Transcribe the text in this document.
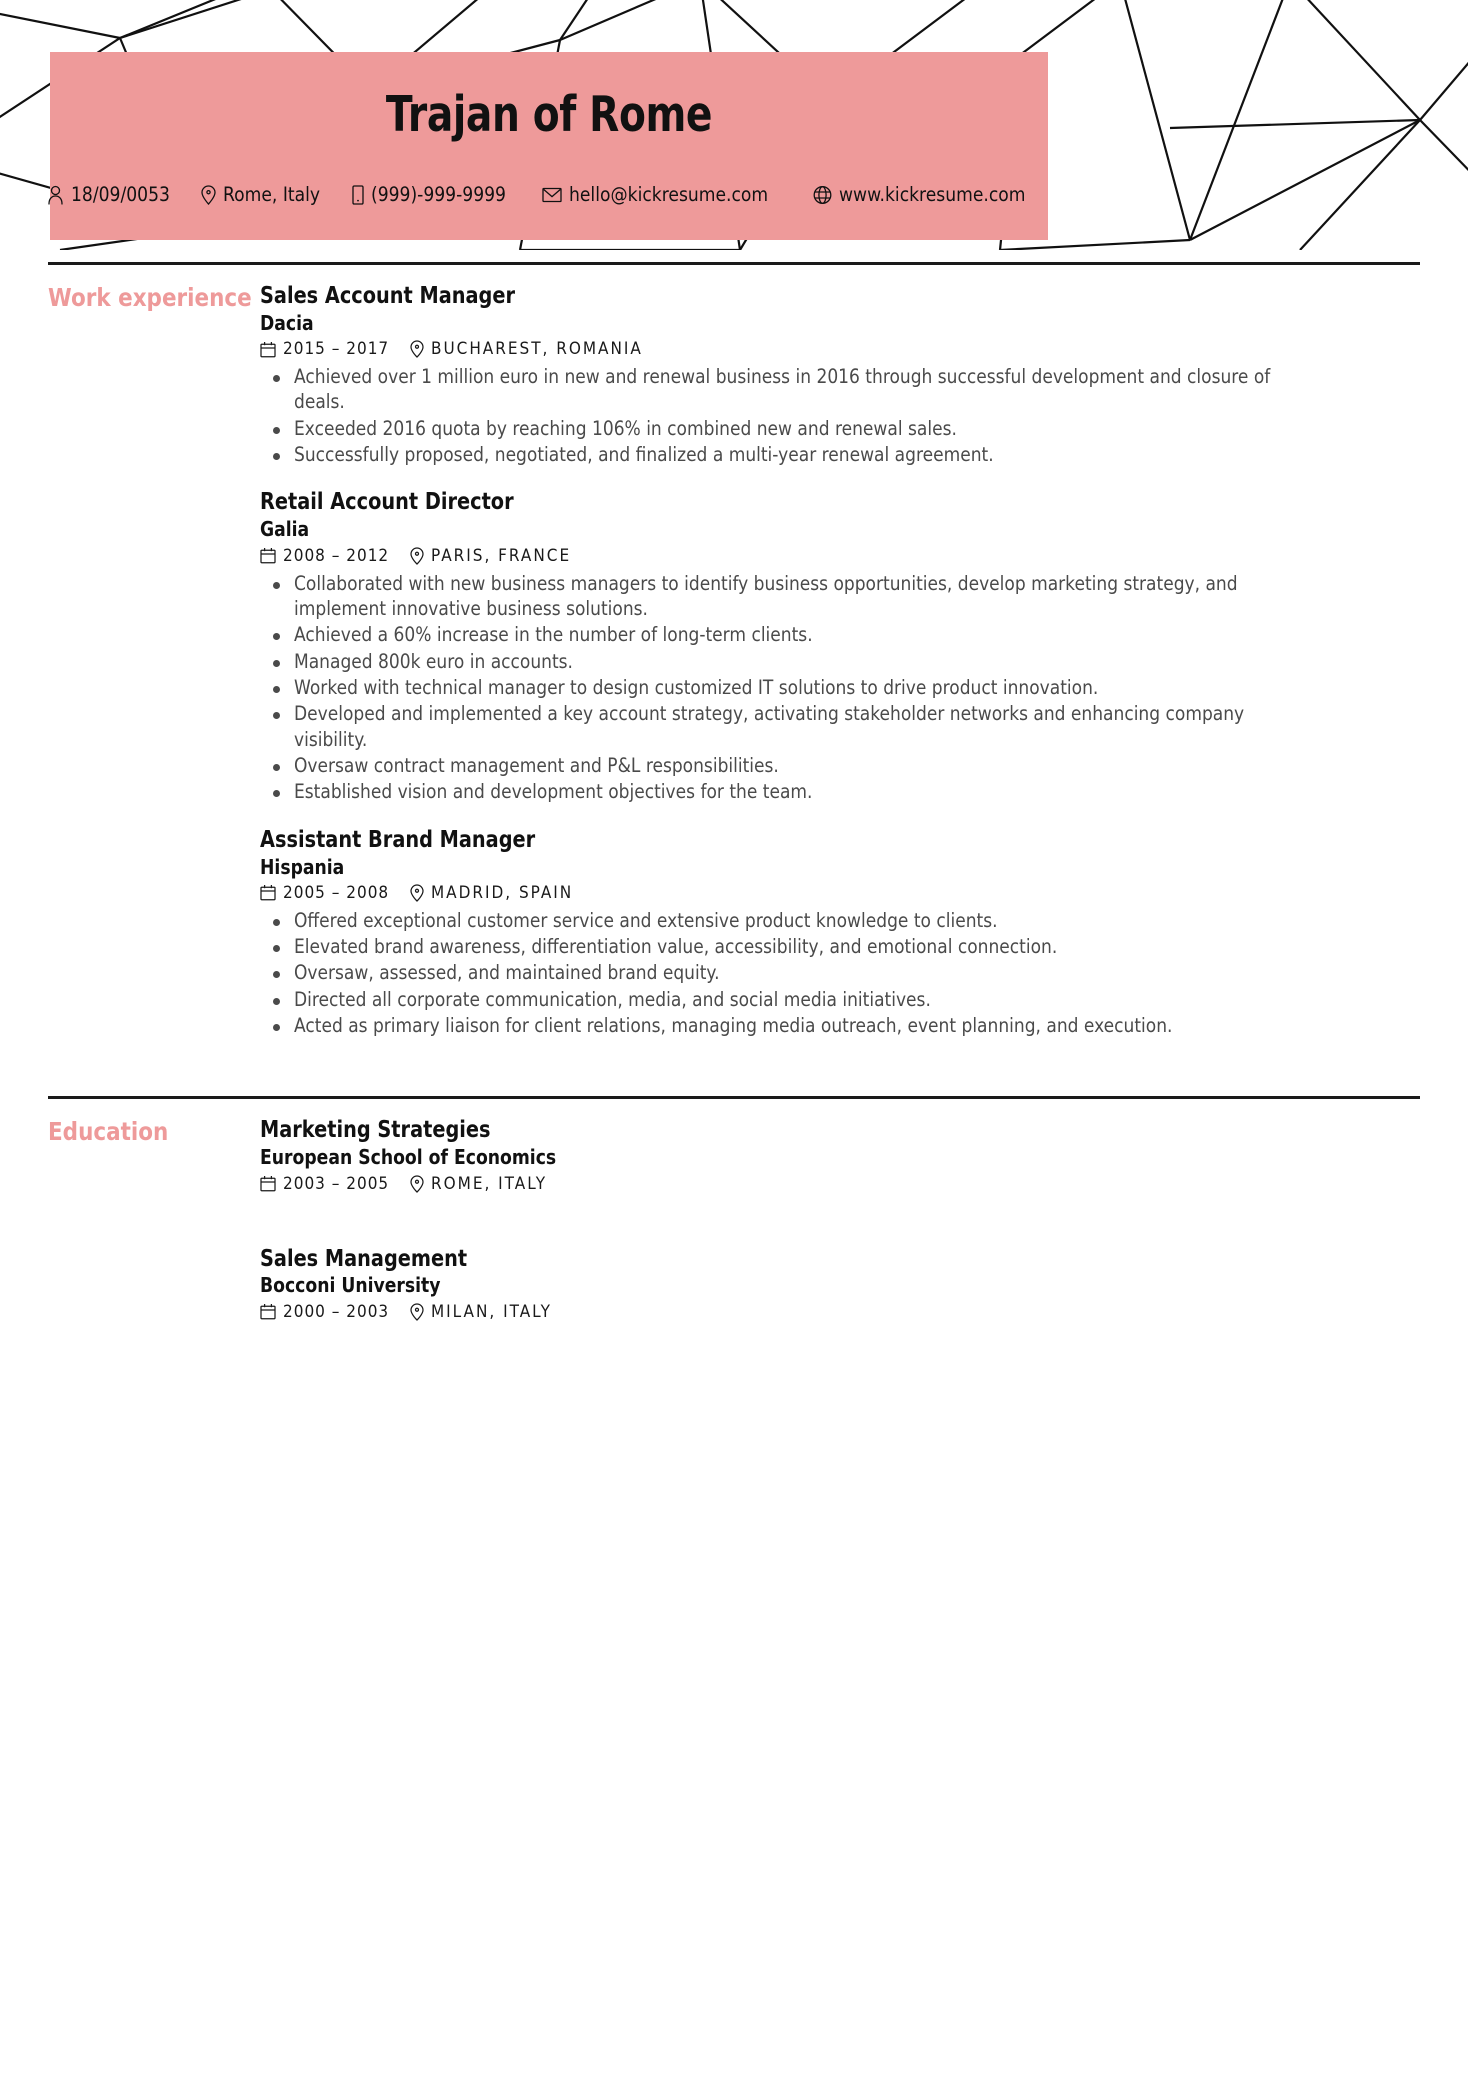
Trajan of Rome
18/09/0053	Rome, Italy	(999)-999-9999	hello@kickresume.com	www.kickresume.com
Work experience Sales Account Manager
Dacia
2015 – 2017 BUCHAREST, ROMANIA
Achieved over 1 million euro in new and renewal business in 2016 through successful development and closure of deals.
Exceeded 2016 quota by reaching 106% in combined new and renewal sales.
Successfully proposed, negotiated, and finalized a multi-year renewal agreement.
Retail Account Director
Galia
2008 – 2012 PARIS, FRANCE
Collaborated with new business managers to identify business opportunities, develop marketing strategy, and implement innovative business solutions.
Achieved a 60% increase in the number of long-term clients.
Managed 800k euro in accounts.
Worked with technical manager to design customized IT solutions to drive product innovation.
Developed and implemented a key account strategy, activating stakeholder networks and enhancing company visibility.
Oversaw contract management and P&L responsibilities.
Established vision and development objectives for the team.
Assistant Brand Manager
Hispania
2005 – 2008 MADRID, SPAIN
Offered exceptional customer service and extensive product knowledge to clients.
Elevated brand awareness, differentiation value, accessibility, and emotional connection.
Oversaw, assessed, and maintained brand equity.
Directed all corporate communication, media, and social media initiatives.
Acted as primary liaison for client relations, managing media outreach, event planning, and execution.
Education	Marketing Strategies
European School of Economics
2003 – 2005 ROME, ITALY
Sales Management
Bocconi University
2000 – 2003 MILAN, ITALY
